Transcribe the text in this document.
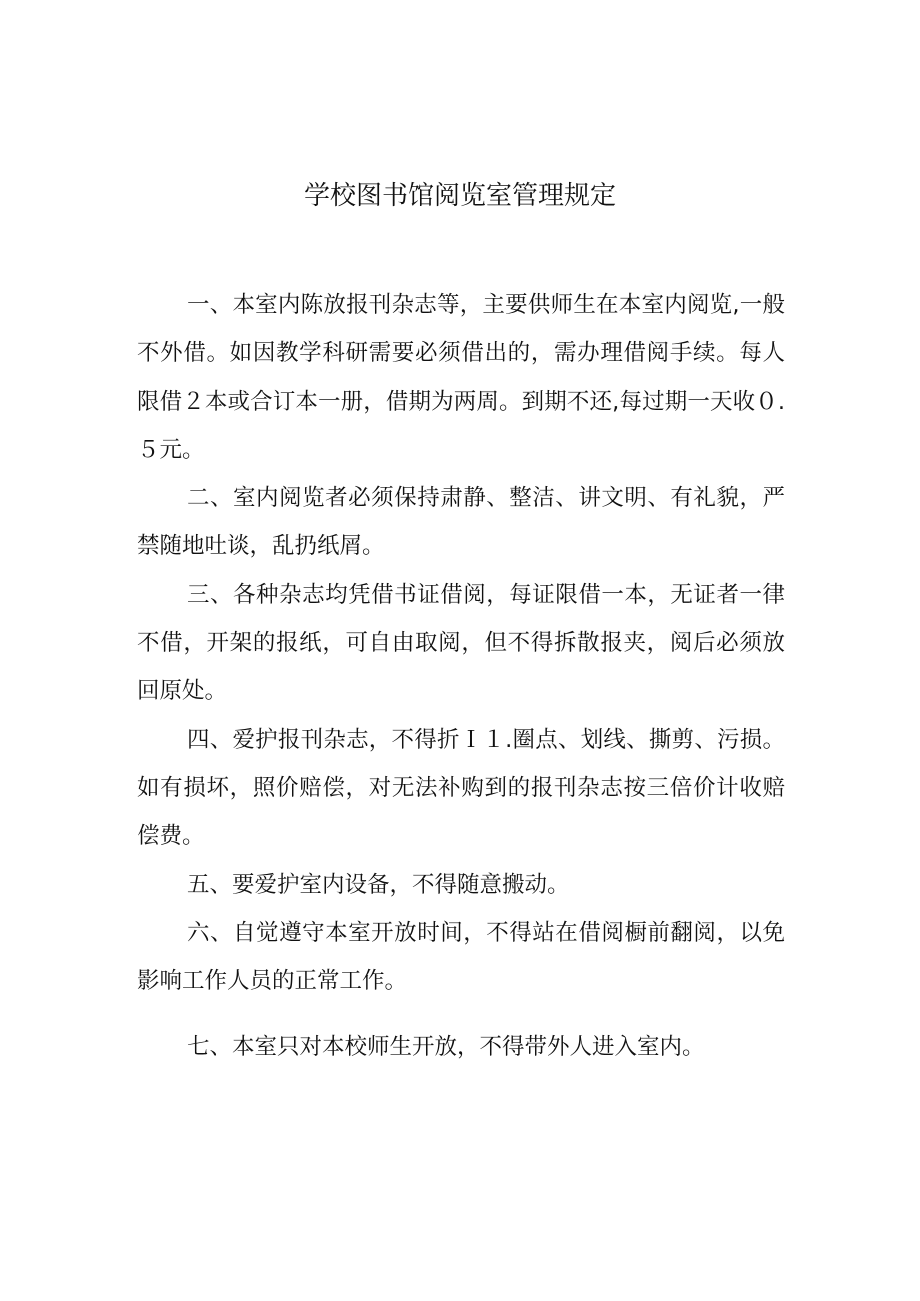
学校图书馆阅览室管理规定

一、本室内陈放报刊杂志等，主要供师生在本室内阅览,一般不外借。如因教学科研需要必须借出的，需办理借阅手续。每人限借２本或合订本一册，借期为两周。到期不还,每过期一天收０.５元。

二、室内阅览者必须保持肃静、整洁、讲文明、有礼貌，严禁随地吐谈，乱扔纸屑。

三、各种杂志均凭借书证借阅，每证限借一本，无证者一律不借，开架的报纸，可自由取阅，但不得拆散报夹，阅后必须放回原处。

四、爱护报刊杂志，不得折Ｉ１.圈点、划线、撕剪、污损。如有损坏，照价赔偿，对无法补购到的报刊杂志按三倍价计收赔偿费。

五、要爱护室内设备，不得随意搬动。

六、自觉遵守本室开放时间，不得站在借阅橱前翻阅，以免影响工作人员的正常工作。

七、本室只对本校师生开放，不得带外人进入室内。
